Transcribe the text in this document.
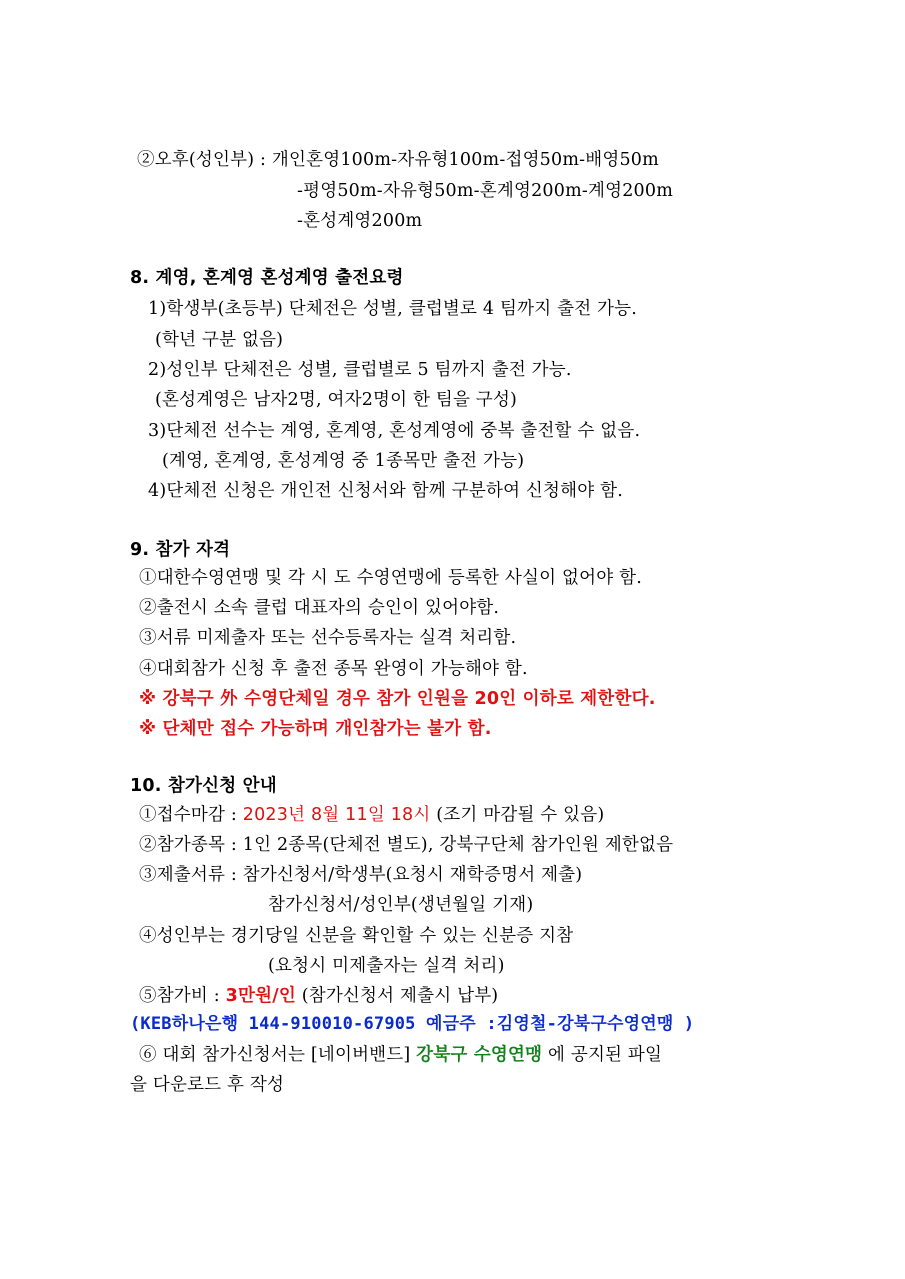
②오후(성인부) : 개인혼영100m-자유형100m-접영50m-배영50m
-평영50m-자유형50m-혼계영200m-계영200m
-혼성계영200m
8. 계영, 혼계영 혼성계영 출전요령
1)학생부(초등부) 단체전은 성별, 클럽별로 4 팀까지 출전 가능.
(학년 구분 없음)
2)성인부 단체전은 성별, 클럽별로 5 팀까지 출전 가능.
(혼성계영은 남자2명, 여자2명이 한 팀을 구성)
3)단체전 선수는 계영, 혼계영, 혼성계영에 중복 출전할 수 없음.
(계영, 혼계영, 혼성계영 중 1종목만 출전 가능)
4)단체전 신청은 개인전 신청서와 함께 구분하여 신청해야 함.
9. 참가 자격
①대한수영연맹 및 각 시 도 수영연맹에 등록한 사실이 없어야 함.
②출전시 소속 클럽 대표자의 승인이 있어야함.
③서류 미제출자 또는 선수등록자는 실격 처리함.
④대회참가 신청 후 출전 종목 완영이 가능해야 함.
※ 강북구 外 수영단체일 경우 참가 인원을 20인 이하로 제한한다.
※ 단체만 접수 가능하며 개인참가는 불가 함.
10. 참가신청 안내
①접수마감 : 2023년 8월 11일 18시 (조기 마감될 수 있음)
②참가종목 : 1인 2종목(단체전 별도), 강북구단체 참가인원 제한없음
③제출서류 : 참가신청서/학생부(요청시 재학증명서 제출)
참가신청서/성인부(생년월일 기재)
④성인부는 경기당일 신분을 확인할 수 있는 신분증 지참
(요청시 미제출자는 실격 처리)
⑤참가비 : 3만원/인 (참가신청서 제출시 납부)
(KEB하나은행 144-910010-67905 예금주 :김영철-강북구수영연맹 )
⑥ 대회 참가신청서는 [네이버밴드] 강북구 수영연맹 에 공지된 파일
을 다운로드 후 작성
